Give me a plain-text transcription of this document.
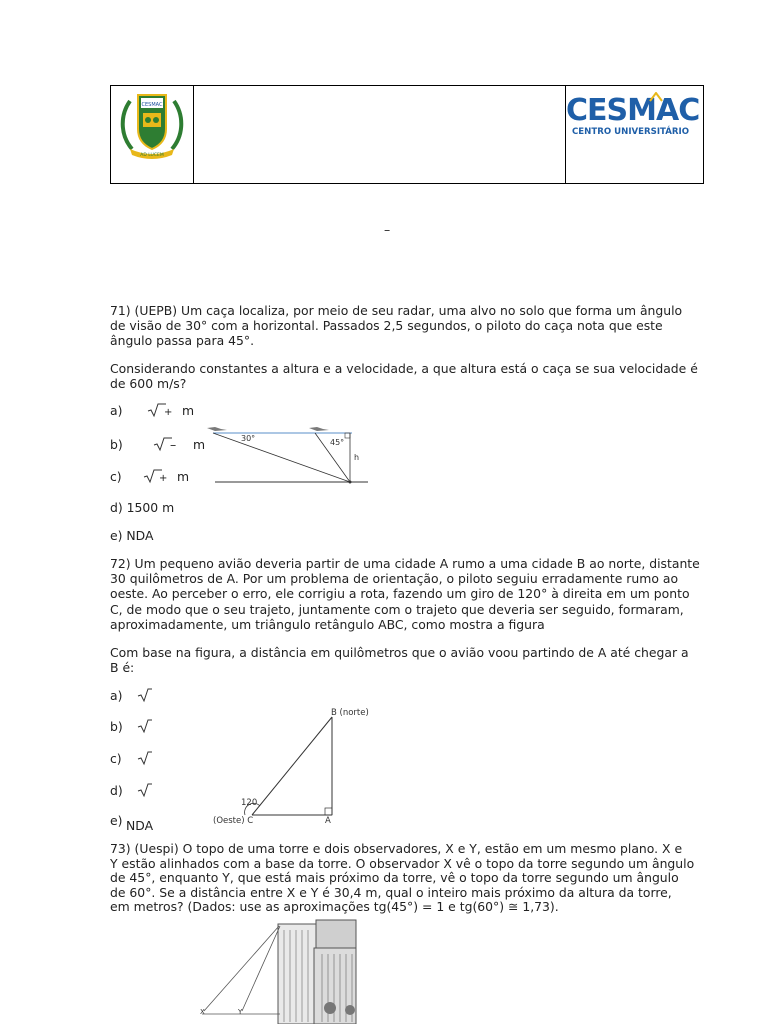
CESMAC
AD LUCEM
CESMAC
CENTRO UNIVERSITÁRIO
–
71) (UEPB) Um caça localiza, por meio de seu radar, uma alvo no solo que forma um ângulo
de visão de 30° com a horizontal. Passados 2,5 segundos, o piloto do caça nota que este
ângulo passa para 45°.
Considerando constantes a altura e a velocidade, a que altura está o caça se sua velocidade é
de 600 m/s?
a)	+ m
b)	– m
c)	+ m
d) 1500 m
e) NDA
30°	45°
h
72) Um pequeno avião deveria partir de uma cidade A rumo a uma cidade B ao norte, distante
30 quilômetros de A. Por um problema de orientação, o piloto seguiu erradamente rumo ao
oeste. Ao perceber o erro, ele corrigiu a rota, fazendo um giro de 120° à direita em um ponto
C, de modo que o seu trajeto, juntamente com o trajeto que deveria ser seguido, formaram,
aproximadamente, um triângulo retângulo ABC, como mostra a figura
Com base na figura, a distância em quilômetros que o avião voou partindo de A até chegar a
B é:
a)
b)
c)
d)
e) NDA
B (norte)
(Oeste) C	A
120
73) (Uespi) O topo de uma torre e dois observadores, X e Y, estão em um mesmo plano. X e
Y estão alinhados com a base da torre. O observador X vê o topo da torre segundo um ângulo
de 45°, enquanto Y, que está mais próximo da torre, vê o topo da torre segundo um ângulo
de 60°. Se a distância entre X e Y é 30,4 m, qual o inteiro mais próximo da altura da torre,
em metros? (Dados: use as aproximações tg(45°) = 1 e tg(60°) ≅ 1,73).
X	Y
